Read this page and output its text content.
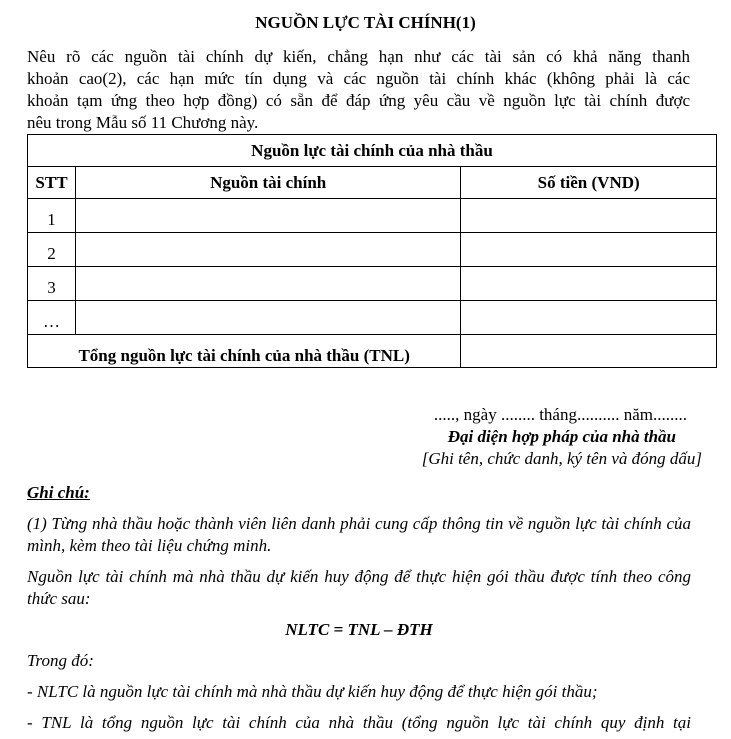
NGUỒN LỰC TÀI CHÍNH(1)
Nêu rõ các nguồn tài chính dự kiến, chẳng hạn như các tài sản có khả năng thanh
khoản cao(2), các hạn mức tín dụng và các nguồn tài chính khác (không phải là các
khoản tạm ứng theo hợp đồng) có sẵn để đáp ứng yêu cầu về nguồn lực tài chính được
nêu trong Mẫu số 11 Chương này.
Nguồn lực tài chính của nhà thầu		
STT	Nguồn tài chính	Số tiền (VND)
1		
2		
3		
…		
Tổng nguồn lực tài chính của nhà thầu (TNL)		
....., ngày ........ tháng.......... năm........
Đại diện hợp pháp của nhà thầu
[Ghi tên, chức danh, ký tên và đóng dấu]
Ghi chú:

(1) Từng nhà thầu hoặc thành viên liên danh phải cung cấp thông tin về nguồn lực tài chính của mình, kèm theo tài liệu chứng minh.

Nguồn lực tài chính mà nhà thầu dự kiến huy động để thực hiện gói thầu được tính theo công thức sau:

NLTC = TNL – ĐTH

Trong đó:

- NLTC là nguồn lực tài chính mà nhà thầu dự kiến huy động để thực hiện gói thầu;

- TNL là tổng nguồn lực tài chính của nhà thầu (tổng nguồn lực tài chính quy định tại
